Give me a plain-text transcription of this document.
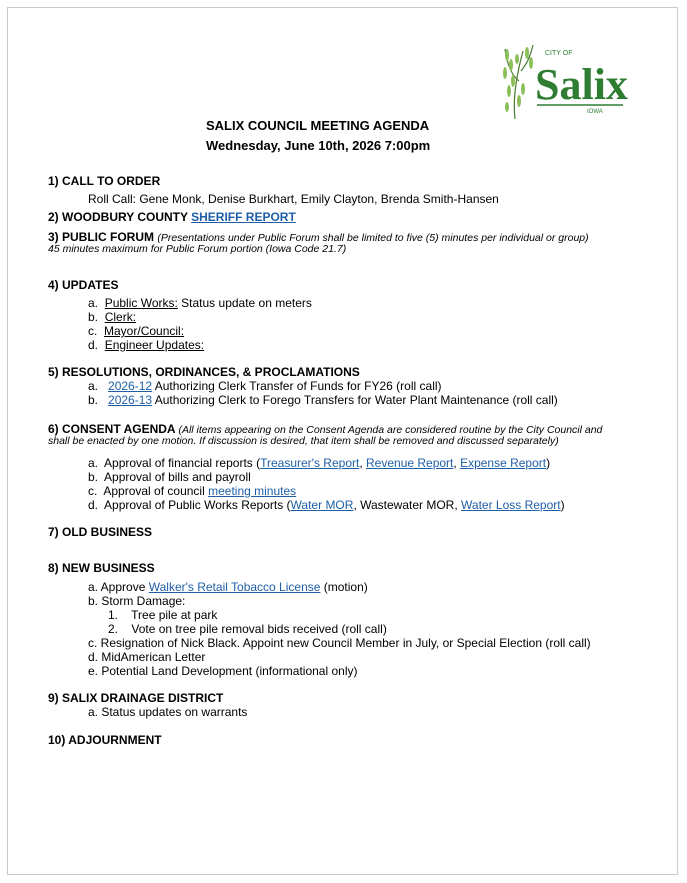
CITY OF
Salix
IOWA
SALIX COUNCIL MEETING AGENDA
Wednesday, June 10th, 2026 7:00pm
1) CALL TO ORDER
Roll Call: Gene Monk, Denise Burkhart, Emily Clayton, Brenda Smith-Hansen
2) WOODBURY COUNTY SHERIFF REPORT
3) PUBLIC FORUM (Presentations under Public Forum shall be limited to five (5) minutes per individual or group)
45 minutes maximum for Public Forum portion (Iowa Code 21.7)
4) UPDATES
a. Public Works: Status update on meters
b. Clerk:
c. Mayor/Council:
d. Engineer Updates:
5) RESOLUTIONS, ORDINANCES, & PROCLAMATIONS
a. 2026-12 Authorizing Clerk Transfer of Funds for FY26 (roll call)
b. 2026-13 Authorizing Clerk to Forego Transfers for Water Plant Maintenance (roll call)
6) CONSENT AGENDA (All items appearing on the Consent Agenda are considered routine by the City Council and
shall be enacted by one motion. If discussion is desired, that item shall be removed and discussed separately)
a. Approval of financial reports (Treasurer's Report, Revenue Report, Expense Report)
b. Approval of bills and payroll
c. Approval of council meeting minutes
d. Approval of Public Works Reports (Water MOR, Wastewater MOR, Water Loss Report)
7) OLD BUSINESS
8) NEW BUSINESS
a. Approve Walker's Retail Tobacco License (motion)
b. Storm Damage:
1. Tree pile at park
2. Vote on tree pile removal bids received (roll call)
c. Resignation of Nick Black. Appoint new Council Member in July, or Special Election (roll call)
d. MidAmerican Letter
e. Potential Land Development (informational only)
9) SALIX DRAINAGE DISTRICT
a. Status updates on warrants
10) ADJOURNMENT
